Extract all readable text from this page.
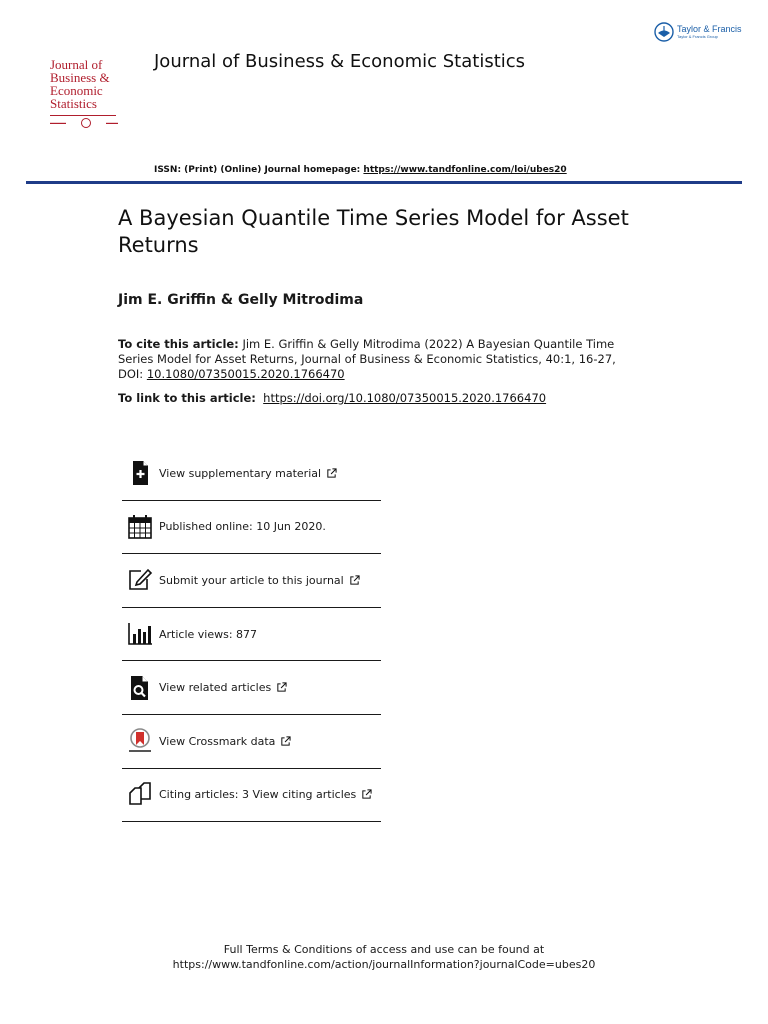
Journal of
Business &
Economic
Statistics
▬▬▬▬	▬▬▬
Journal of Business & Economic Statistics
Taylor & Francis
Taylor & Francis Group
ISSN: (Print) (Online) Journal homepage: https://www.tandfonline.com/loi/ubes20
A Bayesian Quantile Time Series Model for Asset Returns
Jim E. Griffin & Gelly Mitrodima
To cite this article: Jim E. Griffin & Gelly Mitrodima (2022) A Bayesian Quantile Time Series Model for Asset Returns, Journal of Business & Economic Statistics, 40:1, 16-27, DOI: 10.1080/07350015.2020.1766470
To link to this article: https://doi.org/10.1080/07350015.2020.1766470
View supplementary material
Published online: 10 Jun 2020.
Submit your article to this journal
Article views: 877
View related articles
View Crossmark data
Citing articles: 3 View citing articles
Full Terms & Conditions of access and use can be found at
https://www.tandfonline.com/action/journalInformation?journalCode=ubes20
